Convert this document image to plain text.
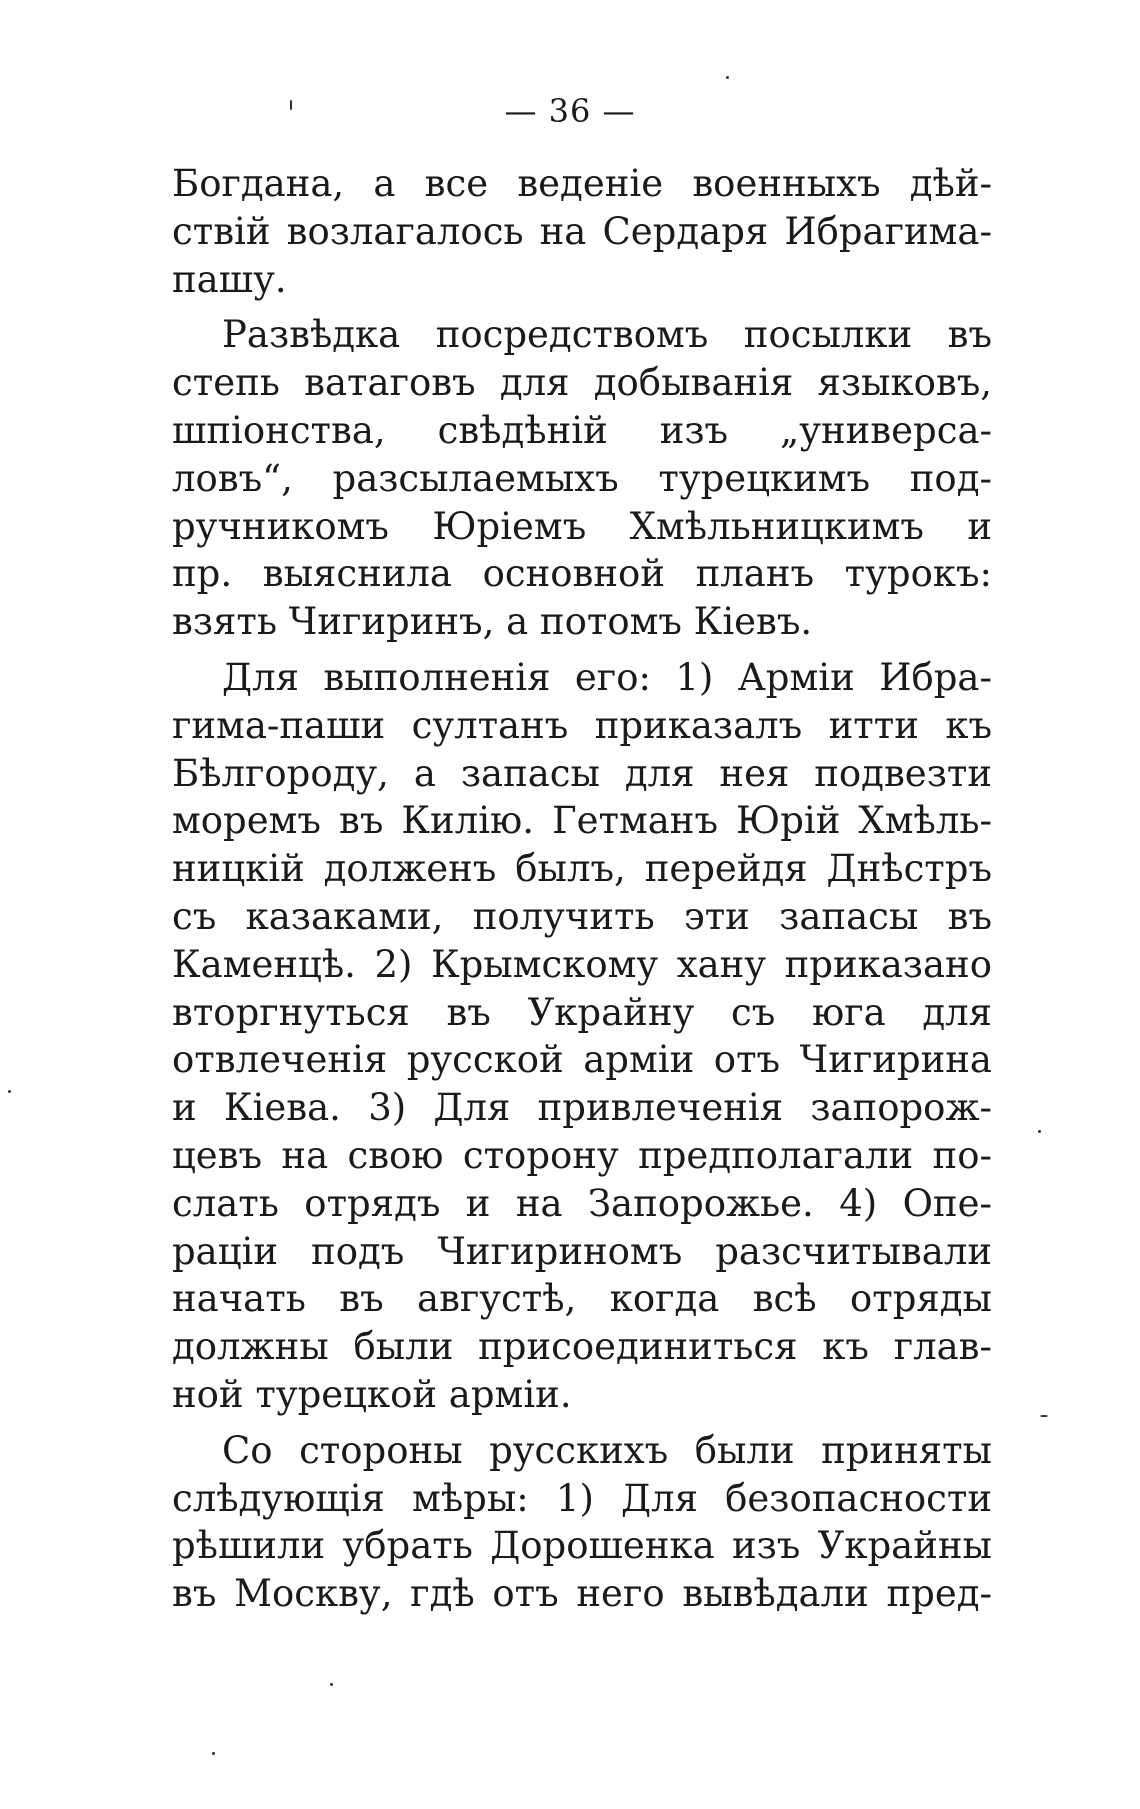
— 36 —
Богдана, а все веденіе военныхъ дѣй-
ствій возлагалось на Сердаря Ибрагима-
пашу.
Развѣдка посредствомъ посылки въ
степь ватаговъ для добыванія языковъ,
шпіонства, свѣдѣній изъ „универса-
ловъ“, разсылаемыхъ турецкимъ под-
ручникомъ Юріемъ Хмѣльницкимъ и
пр. выяснила основной планъ турокъ:
взять Чигиринъ, а потомъ Кіевъ.
Для выполненія его: 1) Арміи Ибра-
гима-паши султанъ приказалъ итти къ
Бѣлгороду, а запасы для нея подвезти
моремъ въ Килію. Гетманъ Юрій Хмѣль-
ницкій долженъ былъ, перейдя Днѣстръ
съ казаками, получить эти запасы въ
Каменцѣ. 2) Крымскому хану приказано
вторгнуться въ Украйну съ юга для
отвлеченія русской арміи отъ Чигирина
и Кіева. 3) Для привлеченія запорож-
цевъ на свою сторону предполагали по-
слать отрядъ и на Запорожье. 4) Опе-
раціи подъ Чигириномъ разсчитывали
начать въ августѣ, когда всѣ отряды
должны были присоединиться къ глав-
ной турецкой арміи.
Со стороны русскихъ были приняты
слѣдующія мѣры: 1) Для безопасности
рѣшили убрать Дорошенка изъ Украйны
въ Москву, гдѣ отъ него вывѣдали пред-
